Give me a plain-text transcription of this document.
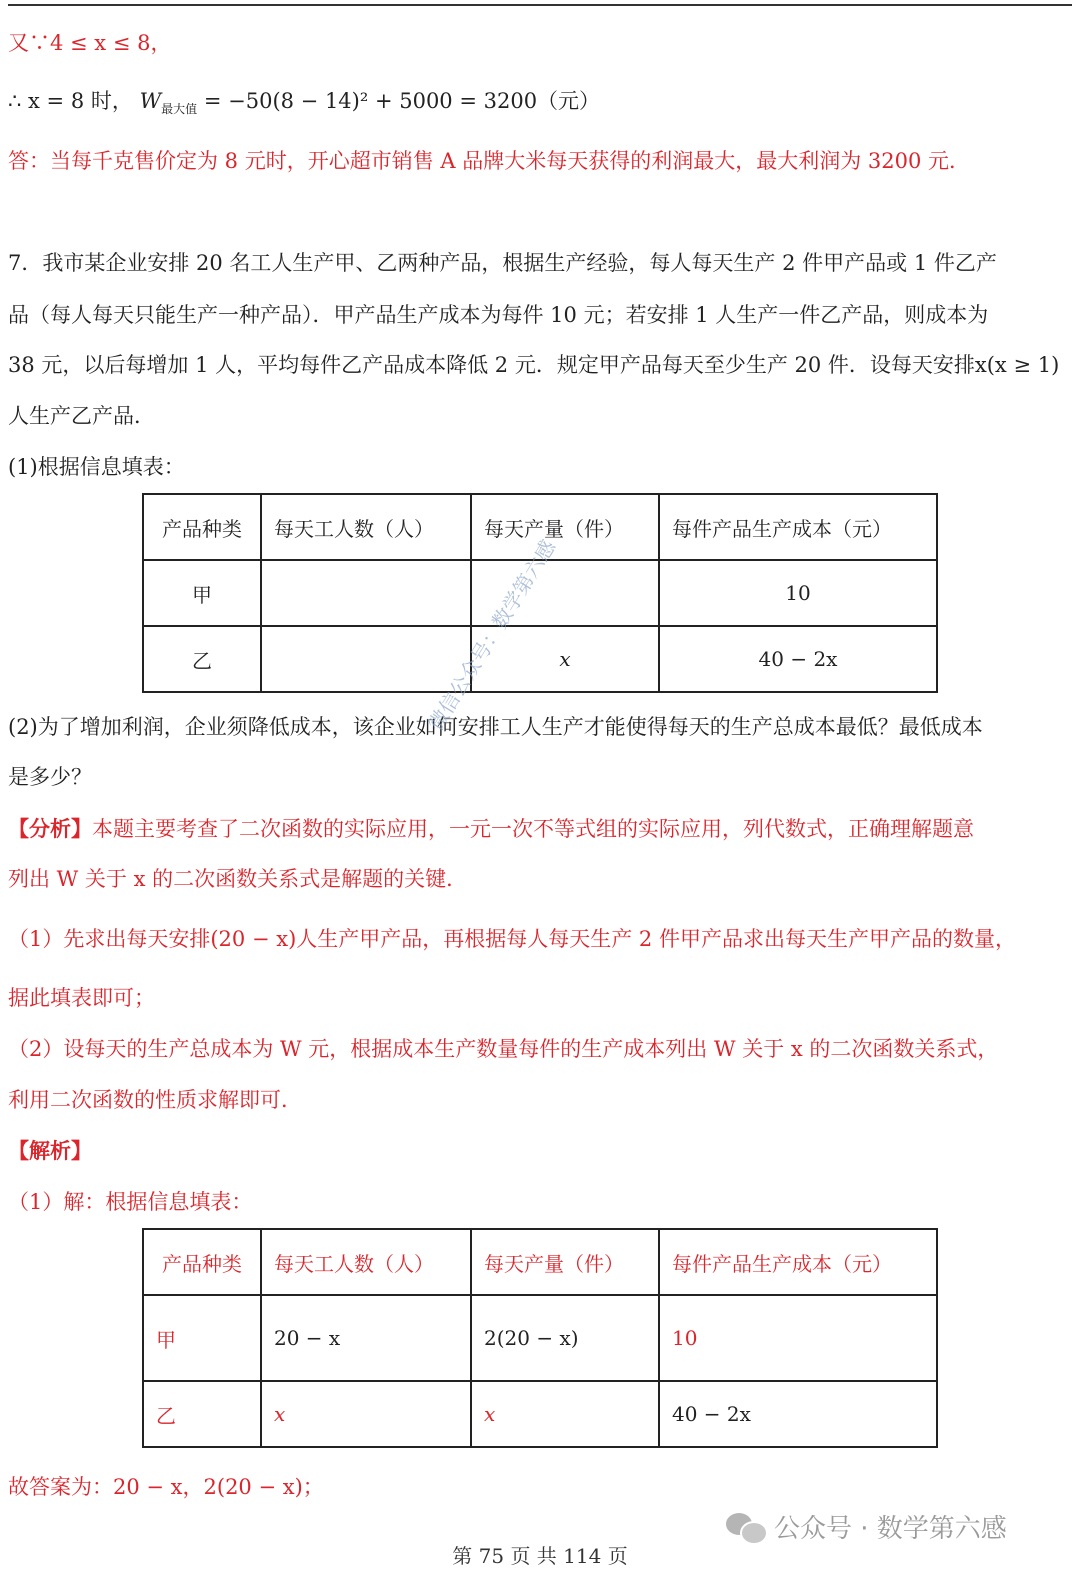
又∵4 ≤ x ≤ 8，
∴ x = 8 时， $W_{最大值} = -50(8 - 14)^2 + 5000 = 3200$（元）
答：当每千克售价定为 8 元时，开心超市销售 A 品牌大米每天获得的利润最大，最大利润为 3200 元．
7．我市某企业安排 20 名工人生产甲、乙两种产品，根据生产经验，每人每天生产 2 件甲产品或 1 件乙产
品（每人每天只能生产一种产品）．甲产品生产成本为每件 10 元；若安排 1 人生产一件乙产品，则成本为
38 元，以后每增加 1 人，平均每件乙产品成本降低 2 元．规定甲产品每天至少生产 20 件．设每天安排x(x ≥ 1)
人生产乙产品．
(1)根据信息填表：
产品种类	每天工人数（人）	每天产量（件）	每件产品生产成本（元）
甲			10
乙		x	40 − 2x
(2)为了增加利润，企业须降低成本，该企业如何安排工人生产才能使得每天的生产总成本最低？最低成本
是多少？
【分析】本题主要考查了二次函数的实际应用，一元一次不等式组的实际应用，列代数式，正确理解题意
列出 W 关于 x 的二次函数关系式是解题的关键．
（1）先求出每天安排(20 − x)人生产甲产品，再根据每人每天生产 2 件甲产品求出每天生产甲产品的数量，
据此填表即可；
（2）设每天的生产总成本为 W 元，根据成本生产数量每件的生产成本列出 W 关于 x 的二次函数关系式，
利用二次函数的性质求解即可．
【解析】
（1）解：根据信息填表：
产品种类	每天工人数（人）	每天产量（件）	每件产品生产成本（元）
甲	20 − x	2(20 − x)	10
乙	x	x	40 − 2x
故答案为：20 − x，2(20 − x)；
微信公众号：数学第六感
公众号 · 数学第六感
第 75 页 共 114 页
